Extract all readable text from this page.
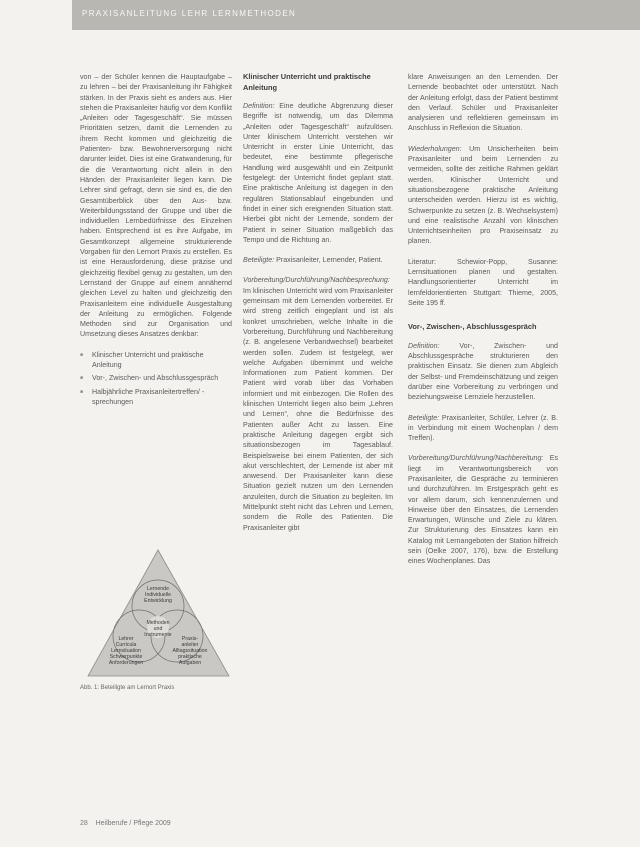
PRAXISANLEITUNG LEHR LERNMETHODEN

von – der Schüler kennen die Hauptaufgabe – zu lehren – bei der Praxisanleitung ihr Fähigkeit stärken. In der Praxis sieht es anders aus. Hier stehen die Praxisanleiter häufig vor dem Konflikt „Anleiten oder Tagesgeschäft“. Sie müssen Prioritäten setzen, damit die Lernenden zu ihrem Recht kommen und gleichzeitig die Patienten- bzw. Bewohnerversorgung nicht darunter leidet. Dies ist eine Gratwanderung, für die die Verantwortung nicht allein in den Händen der Praxisanleiter liegen kann. Die Lehrer sind gefragt, denn sie sind es, die den Gesamtüberblick über den Aus- bzw. Weiterbildungsstand der Gruppe und über die individuellen Lernbedürfnisse des Einzelnen haben. Entsprechend ist es ihre Aufgabe, im Gesamtkonzept allgemeine strukturierende Vorgaben für den Lernort Praxis zu erstellen. Es ist eine Herausforderung, diese präzise und gleichzeitig flexibel genug zu gestalten, um den Lernstand der Gruppe auf einem annähernd gleichen Level zu halten und gleichzeitig den Praxisanleitern eine individuelle Ausgestaltung der Anleitung zu ermöglichen. Folgende Methoden sind zur Organisation und Umsetzung dieses Ansatzes denkbar:

■ Klinischer Unterricht und praktische Anleitung
■ Vor-, Zwischen- und Abschlussgespräch
■ Halbjährliche Praxisanleitertreffen/ -sprechungen
Lernende
Individuelle
Entwicklung
Methoden
und
Instrumente
Lehrer
Curricula
Lernsituation
Schwerpunkte
Anforderungen
Praxis-
anleiter
Alltagssituation
praktische
Aufgaben
Abb. 1: Beteiligte am Lernort Praxis
Klinischer Unterricht und praktische Anleitung

Definition: Eine deutliche Abgrenzung dieser Begriffe ist notwendig, um das Dilemma „Anleiten oder Tagesgeschäft“ aufzulösen. Unter klinischem Unterricht verstehen wir Unterricht in erster Linie Unterricht, das bedeutet, eine bestimmte pflegerische Handlung wird ausgewählt und ein Zeitpunkt festgelegt: der Unterricht findet geplant statt. Eine praktische Anleitung ist dagegen in den regulären Stationsablauf eingebunden und findet in einer sich ereignenden Situation statt. Hierbei gibt nicht der Lernende, sondern der Patient in seiner Situation maßgeblich das Tempo und die Richtung an.

Beteiligte: Praxisanleiter, Lernender, Patient.

Vorbereitung/Durchführung/Nachbesprechung: Im klinischen Unterricht wird vom Praxisanleiter gemeinsam mit dem Lernenden vorbereitet. Er wird streng zeitlich eingeplant und ist als konkret umschrieben, welche Inhalte in die Vorbereitung, Durchführung und Nachbereitung (z. B. angelesene Verbandwechsel) bearbeitet werden sollen. Zudem ist festgelegt, wer welche Aufgaben übernimmt und welche Informationen zum Patient kommen. Der Patient wird vorab über das Vorhaben informiert und mit einbezogen. Die Rollen des klinischen Unterricht liegen also beim „Lehren und Lernen“, ohne die Bedürfnisse des Patienten außer Acht zu lassen. Eine praktische Anleitung dagegen ergibt sich situationsbezogen im Tagesablauf. Beispielsweise bei einem Patienten, der sich akut verschlechtert, der Lernende ist aber mit anwesend. Der Praxisanleiter kann diese Situation gezielt nutzen um den Lernenden anzuleiten, durch die Situation zu begleiten. Im Mittelpunkt steht nicht das Lehren und Lernen, sondern die Rolle des Patienten. Die Praxisanleiter gibt

klare Anweisungen an den Lernenden. Der Lernende beobachtet oder unterstützt. Nach der Anleitung erfolgt, dass der Patient bestimmt den Verlauf. Schüler und Praxisanleiter analysieren und reflektieren gemeinsam im Anschluss in Reflexion die Situation.

Wiederholungen: Um Unsicherheiten beim Praxisanleiter und beim Lernenden zu vermeiden, sollte der zeitliche Rahmen geklärt werden. Klinischer Unterricht und situationsbezogene praktische Anleitung unterscheiden werden. Hierzu ist es wichtig, Schwerpunkte zu setzen (z. B. Wechselsystem) und eine realistische Anzahl von klinischen Unterrichtseinheiten pro Praxiseinsatz zu planen.

Literatur: Schewior-Popp, Susanne: Lernsituationen planen und gestalten. Handlungsorientierter Unterricht im lernfeldorientierten Stuttgart: Thieme, 2005, Seite 195 ff.

Vor-, Zwischen-, Abschlussgespräch

Definition: Vor-, Zwischen- und Abschlussgespräche strukturieren den praktischen Einsatz. Sie dienen zum Abgleich der Selbst- und Fremdeinschätzung und zeigen darüber eine Vorbereitung zu verbringen und beziehungsweise Lernziele herzustellen.

Beteiligte: Praxisanleiter, Schüler, Lehrer (z. B. in Verbindung mit einem Wochenplan / dem Treffen).

Vorbereitung/Durchführung/Nachbereitung: Es liegt im Verantwortungsbereich von Praxisanleiter, die Gespräche zu terminieren und durchzuführen. Im Erstgespräch geht es vor allem darum, sich kennenzulernen und Hinweise über den Einsatzes, die Lernenden Erwartungen, Wünsche und Ziele zu klären. Zur Strukturierung des Einsatzes kann ein Katalog mit Lernangeboten der Station hilfreich sein (Oelke 2007, 176), bzw. die Erstellung eines Wochenplanes. Das

28 Heilberufe / Pflege 2009
